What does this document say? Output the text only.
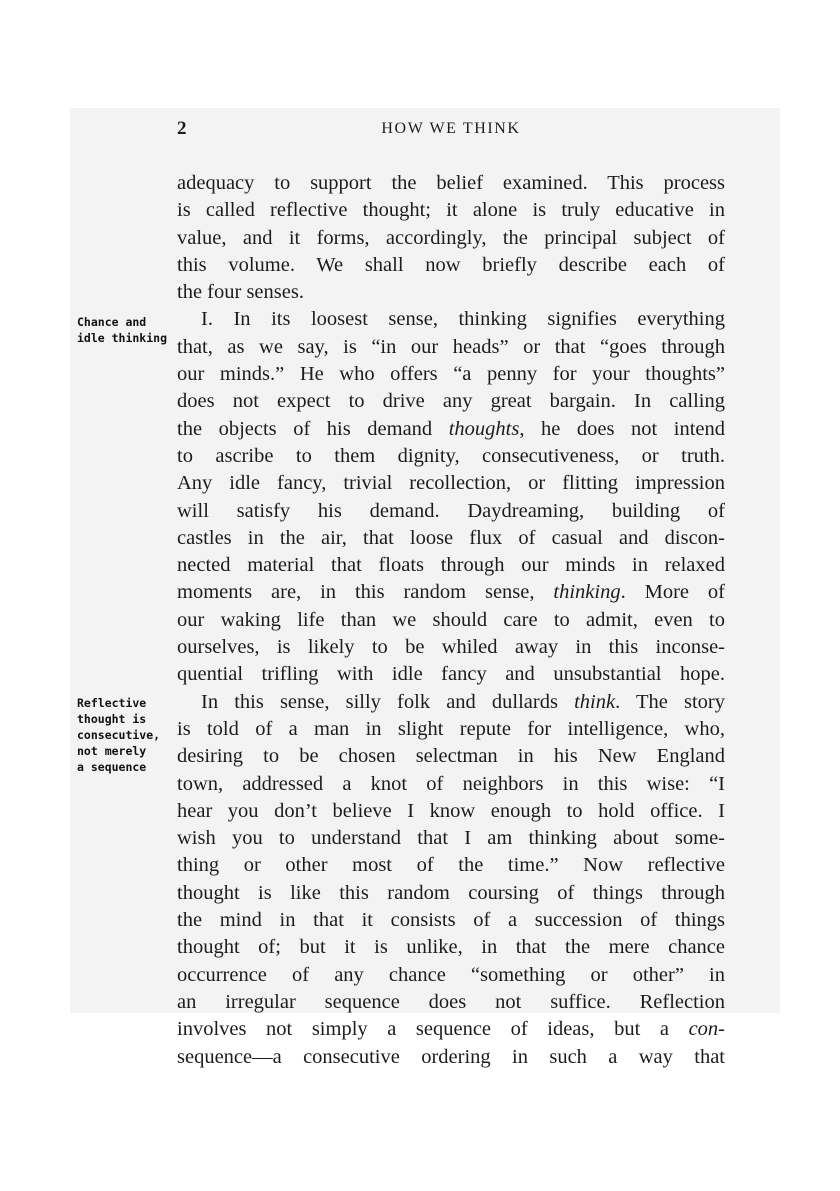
2	HOW WE THINK
Chance and
idle thinking
Reflective
thought is
consecutive,
not merely
a sequence
adequacy to support the belief examined. This process
is called reflective thought; it alone is truly educative in
value, and it forms, accordingly, the principal subject of
this volume. We shall now briefly describe each of
the four senses.
I. In its loosest sense, thinking signifies everything
that, as we say, is “in our heads” or that “goes through
our minds.” He who offers “a penny for your thoughts”
does not expect to drive any great bargain. In calling
the objects of his demand thoughts, he does not intend
to ascribe to them dignity, consecutiveness, or truth.
Any idle fancy, trivial recollection, or flitting impression
will satisfy his demand. Daydreaming, building of
castles in the air, that loose flux of casual and discon-
nected material that floats through our minds in relaxed
moments are, in this random sense, thinking. More of
our waking life than we should care to admit, even to
ourselves, is likely to be whiled away in this inconse-
quential trifling with idle fancy and unsubstantial hope.
In this sense, silly folk and dullards think. The story
is told of a man in slight repute for intelligence, who,
desiring to be chosen selectman in his New England
town, addressed a knot of neighbors in this wise: “I
hear you don’t believe I know enough to hold office. I
wish you to understand that I am thinking about some-
thing or other most of the time.” Now reflective
thought is like this random coursing of things through
the mind in that it consists of a succession of things
thought of; but it is unlike, in that the mere chance
occurrence of any chance “something or other” in
an irregular sequence does not suffice. Reflection
involves not simply a sequence of ideas, but a con-
sequence—a consecutive ordering in such a way that
